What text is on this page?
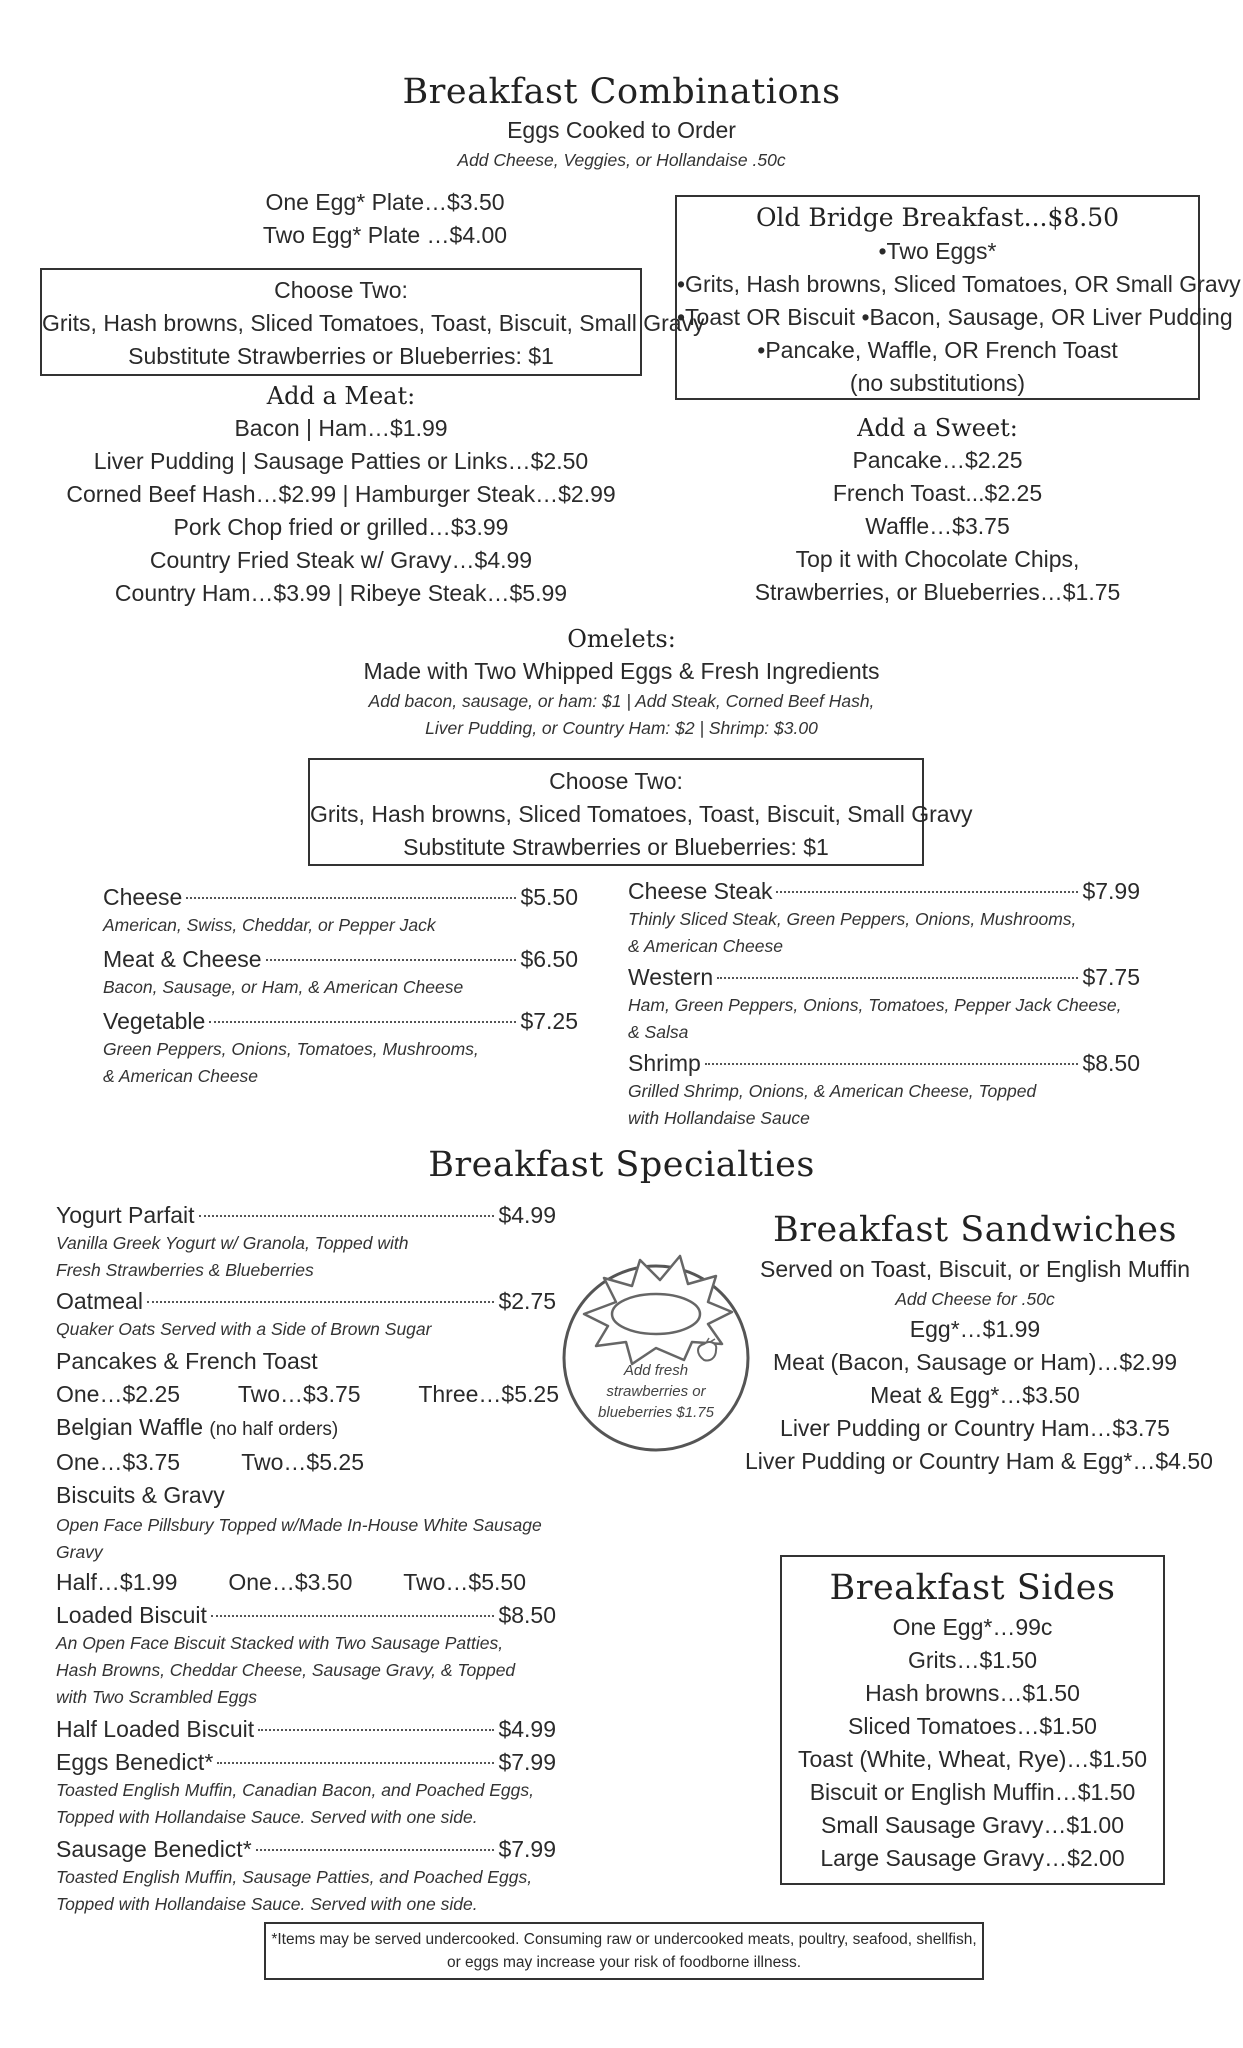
Breakfast Combinations
Eggs Cooked to Order
Add Cheese, Veggies, or Hollandaise .50c
One Egg* Plate…$3.50
Two Egg* Plate …$4.00
Choose Two:
Grits, Hash browns, Sliced Tomatoes, Toast, Biscuit, Small Gravy
Substitute Strawberries or Blueberries: $1
Old Bridge Breakfast...$8.50
•Two Eggs*
•Grits, Hash browns, Sliced Tomatoes, OR Small Gravy
•Toast OR Biscuit •Bacon, Sausage, OR Liver Pudding
•Pancake, Waffle, OR French Toast
(no substitutions)
Add a Meat:
Bacon | Ham…$1.99
Liver Pudding | Sausage Patties or Links…$2.50
Corned Beef Hash…$2.99 | Hamburger Steak…$2.99
Pork Chop fried or grilled…$3.99
Country Fried Steak w/ Gravy…$4.99
Country Ham…$3.99 | Ribeye Steak…$5.99
Add a Sweet:
Pancake…$2.25
French Toast...$2.25
Waffle…$3.75
Top it with Chocolate Chips,
Strawberries, or Blueberries…$1.75
Omelets:
Made with Two Whipped Eggs & Fresh Ingredients
Add bacon, sausage, or ham: $1 | Add Steak, Corned Beef Hash,
Liver Pudding, or Country Ham: $2 | Shrimp: $3.00
Choose Two:
Grits, Hash browns, Sliced Tomatoes, Toast, Biscuit, Small Gravy
Substitute Strawberries or Blueberries: $1
Cheese	$5.50
American, Swiss, Cheddar, or Pepper Jack
Meat & Cheese	$6.50
Bacon, Sausage, or Ham, & American Cheese
Vegetable	$7.25
Green Peppers, Onions, Tomatoes, Mushrooms,
& American Cheese
Cheese Steak	$7.99
Thinly Sliced Steak, Green Peppers, Onions, Mushrooms,
& American Cheese
Western	$7.75
Ham, Green Peppers, Onions, Tomatoes, Pepper Jack Cheese,
& Salsa
Shrimp	$8.50
Grilled Shrimp, Onions, & American Cheese, Topped
with Hollandaise Sauce
Breakfast Specialties
Yogurt Parfait	$4.99
Vanilla Greek Yogurt w/ Granola, Topped with
Fresh Strawberries & Blueberries
Oatmeal	$2.75
Quaker Oats Served with a Side of Brown Sugar
Pancakes & French Toast
One…$2.25	Two…$3.75	Three…$5.25
Belgian Waffle (no half orders)
One…$3.75	Two…$5.25
Biscuits & Gravy
Open Face Pillsbury Topped w/Made In-House White Sausage Gravy
Half…$1.99 One…$3.50 Two…$5.50
Loaded Biscuit	$8.50
An Open Face Biscuit Stacked with Two Sausage Patties,
Hash Browns, Cheddar Cheese, Sausage Gravy, & Topped
with Two Scrambled Eggs
Half Loaded Biscuit	$4.99
Eggs Benedict*	$7.99
Toasted English Muffin, Canadian Bacon, and Poached Eggs,
Topped with Hollandaise Sauce. Served with one side.
Sausage Benedict*	$7.99
Toasted English Muffin, Sausage Patties, and Poached Eggs,
Topped with Hollandaise Sauce. Served with one side.
Add fresh
strawberries or
blueberries $1.75
Breakfast Sandwiches
Served on Toast, Biscuit, or English Muffin
Add Cheese for .50c
Egg*…$1.99
Meat (Bacon, Sausage or Ham)…$2.99
Meat & Egg*…$3.50
Liver Pudding or Country Ham…$3.75
Liver Pudding or Country Ham & Egg*…$4.50
Breakfast Sides
One Egg*…99c
Grits…$1.50
Hash browns…$1.50
Sliced Tomatoes…$1.50
Toast (White, Wheat, Rye)…$1.50
Biscuit or English Muffin…$1.50
Small Sausage Gravy…$1.00
Large Sausage Gravy…$2.00
*Items may be served undercooked. Consuming raw or undercooked meats, poultry, seafood, shellfish,
or eggs may increase your risk of foodborne illness.
